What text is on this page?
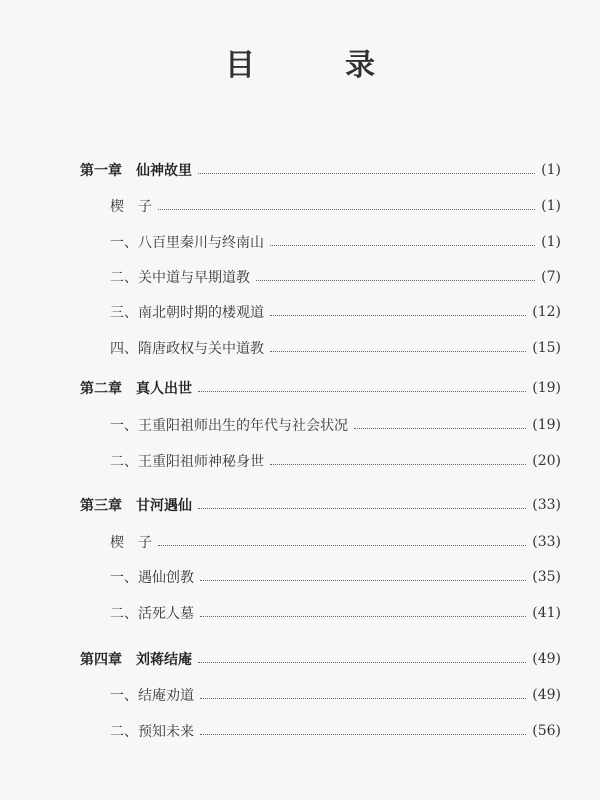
目　录
第一章 仙神故里	(1)
楔　子	(1)
一、八百里秦川与终南山	(1)
二、关中道与早期道教	(7)
三、南北朝时期的楼观道	(12)
四、隋唐政权与关中道教	(15)
第二章 真人出世	(19)
一、王重阳祖师出生的年代与社会状况	(19)
二、王重阳祖师神秘身世	(20)
第三章 甘河遇仙	(33)
楔　子	(33)
一、遇仙创教	(35)
二、活死人墓	(41)
第四章 刘蒋结庵	(49)
一、结庵劝道	(49)
二、预知未来	(56)
